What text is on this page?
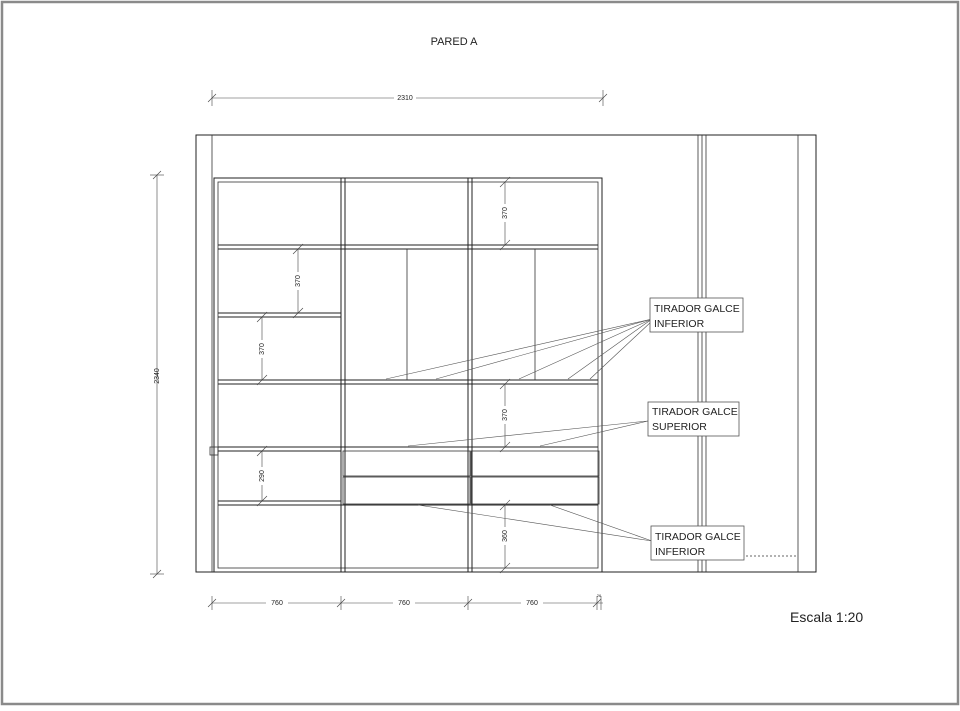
PARED A
2310
2340
760	760	760
26
370
370
370
370
290
360
TIRADOR GALCE
INFERIOR
TIRADOR GALCE
SUPERIOR
TIRADOR GALCE
INFERIOR
Escala 1:20
